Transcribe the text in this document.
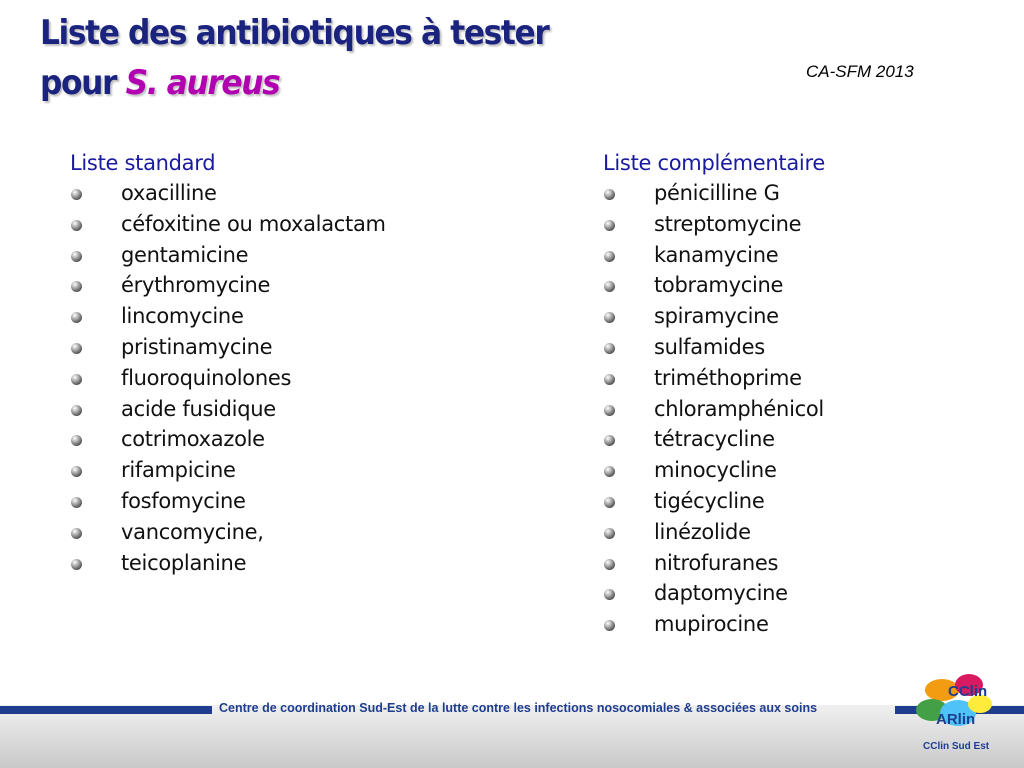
Liste des antibiotiques à tester
pour S. aureus	CA-SFM 2013
Liste standard
oxacilline
céfoxitine ou moxalactam
gentamicine
érythromycine
lincomycine
pristinamycine
fluoroquinolones
acide fusidique
cotrimoxazole
rifampicine
fosfomycine
vancomycine,
teicoplanine
Liste complémentaire
pénicilline G
streptomycine
kanamycine
tobramycine
spiramycine
sulfamides
triméthoprime
chloramphénicol
tétracycline
minocycline
tigécycline
linézolide
nitrofuranes
daptomycine
mupirocine
Centre de coordination Sud-Est de la lutte contre les infections nosocomiales & associées aux soins
CClin
ARlin
CClin Sud Est
